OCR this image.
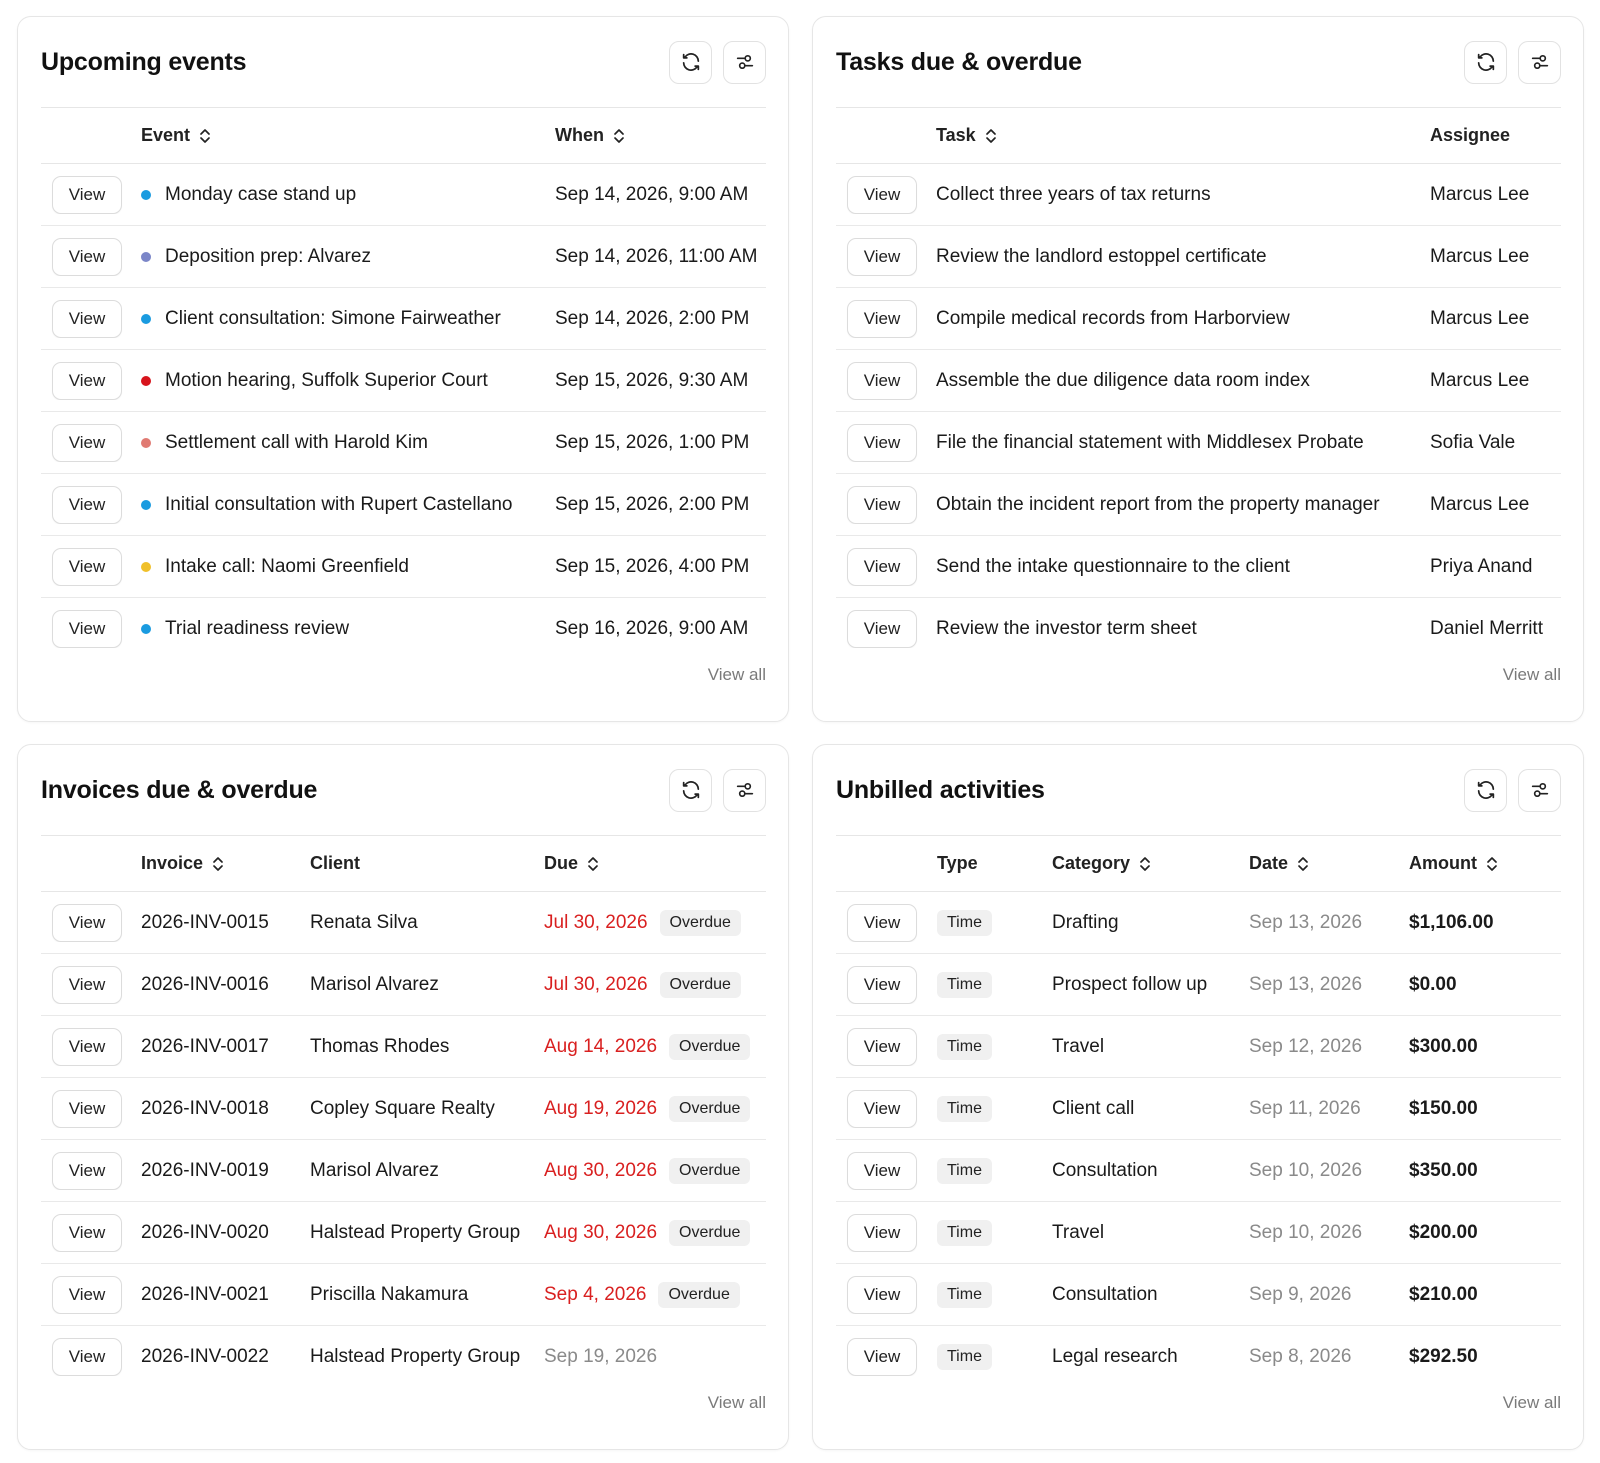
Upcoming events
Event	When
View	Monday case stand up	Sep 14, 2026, 9:00 AM
View	Deposition prep: Alvarez	Sep 14, 2026, 11:00 AM
View	Client consultation: Simone Fairweather	Sep 14, 2026, 2:00 PM
View	Motion hearing, Suffolk Superior Court	Sep 15, 2026, 9:30 AM
View	Settlement call with Harold Kim	Sep 15, 2026, 1:00 PM
View	Initial consultation with Rupert Castellano Sep 15, 2026, 2:00 PM
View	Intake call: Naomi Greenfield	Sep 15, 2026, 4:00 PM
View	Trial readiness review	Sep 16, 2026, 9:00 AM
View all
Tasks due & overdue
Task	Assignee
View	Collect three years of tax returns	Marcus Lee
View	Review the landlord estoppel certificate	Marcus Lee
View	Compile medical records from Harborview	Marcus Lee
View	Assemble the due diligence data room index	Marcus Lee
View	File the financial statement with Middlesex Probate	Sofia Vale
View	Obtain the incident report from the property manager	Marcus Lee
View	Send the intake questionnaire to the client	Priya Anand
View	Review the investor term sheet	Daniel Merritt
View all
Invoices due & overdue
Invoice	Client	Due
View	2026-INV-0015	Renata Silva	Jul 30, 2026	Overdue
View	2026-INV-0016	Marisol Alvarez	Jul 30, 2026	Overdue
View	2026-INV-0017	Thomas Rhodes	Aug 14, 2026	Overdue
View	2026-INV-0018	Copley Square Realty	Aug 19, 2026	Overdue
View	2026-INV-0019	Marisol Alvarez	Aug 30, 2026	Overdue
View	2026-INV-0020	Halstead Property Group	Aug 30, 2026	Overdue
View	2026-INV-0021	Priscilla Nakamura	Sep 4, 2026	Overdue
View	2026-INV-0022	Halstead Property Group	Sep 19, 2026
View all
Unbilled activities
Type	Category	Date	Amount
View	Time	Drafting	Sep 13, 2026	$1,106.00
View	Time	Prospect follow up	Sep 13, 2026	$0.00
View	Time	Travel	Sep 12, 2026	$300.00
View	Time	Client call	Sep 11, 2026	$150.00
View	Time	Consultation	Sep 10, 2026	$350.00
View	Time	Travel	Sep 10, 2026	$200.00
View	Time	Consultation	Sep 9, 2026	$210.00
View	Time	Legal research	Sep 8, 2026	$292.50
View all
